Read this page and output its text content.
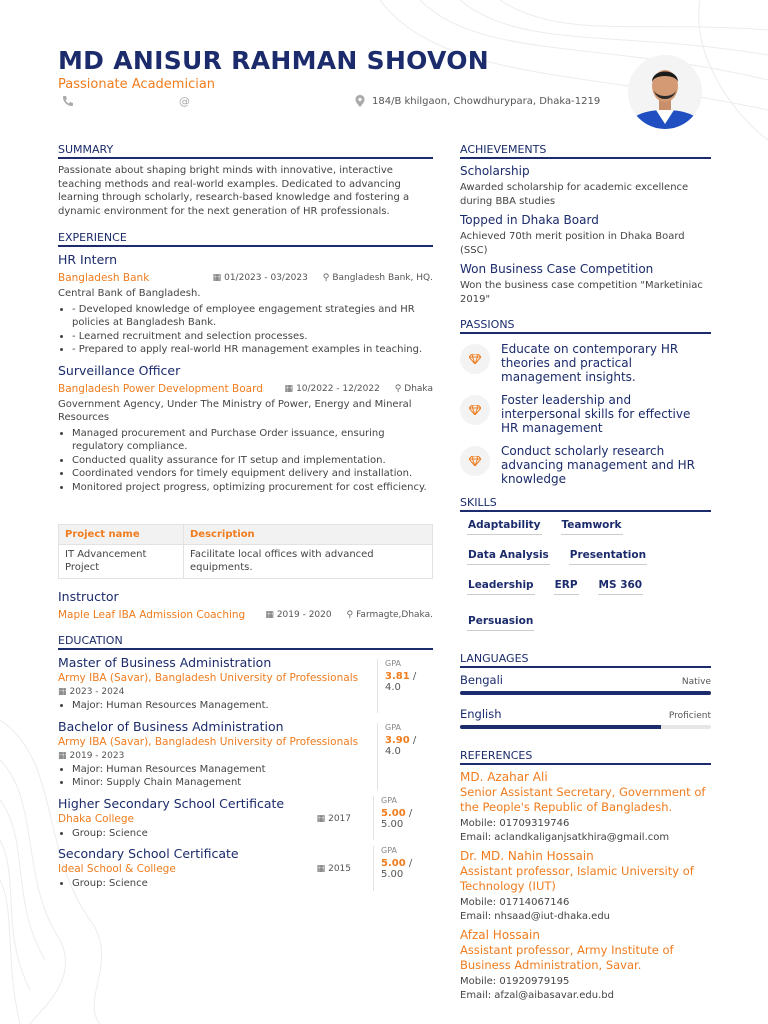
MD ANISUR RAHMAN SHOVON
Passionate Academician
@	184/B khilgaon, Chowdhurypara, Dhaka-1219
SUMMARY
Passionate about shaping bright minds with innovative, interactive teaching methods and real-world examples. Dedicated to advancing learning through scholarly, research-based knowledge and fostering a dynamic environment for the next generation of HR professionals.
EXPERIENCE
HR Intern
Bangladesh Bank	▦ 01/2023 - 03/2023 ⚲ Bangladesh Bank, HQ.
Central Bank of Bangladesh.
• - Developed knowledge of employee engagement strategies and HR policies at Bangladesh Bank.
• - Learned recruitment and selection processes.
• - Prepared to apply real-world HR management examples in teaching.
Surveillance Officer
Bangladesh Power Development Board ▦ 10/2022 - 12/2022 ⚲ Dhaka
Government Agency, Under The Ministry of Power, Energy and Mineral Resources
• Managed procurement and Purchase Order issuance, ensuring regulatory compliance.
• Conducted quality assurance for IT setup and implementation.
• Coordinated vendors for timely equipment delivery and installation.
• Monitored project progress, optimizing procurement for cost efficiency.
Project name	Description
IT Advancement Project	Facilitate local offices with advanced equipments.
Instructor
Maple Leaf IBA Admission Coaching ▦ 2019 - 2020 ⚲ Farmagte,Dhaka.
EDUCATION
Master of Business Administration
Army IBA (Savar), Bangladesh University of Professionals
▦ 2023 - 2024
• Major: Human Resources Management.
GPA
3.81 / 4.0
Bachelor of Business Administration
Army IBA (Savar), Bangladesh University of Professionals
▦ 2019 - 2023
• Major: Human Resources Management
• Minor: Supply Chain Management
GPA
3.90 / 4.0
Higher Secondary School Certificate
Dhaka College	▦ 2017
• Group: Science
GPA
5.00 / 5.00
Secondary School Certificate
Ideal School & College	▦ 2015
• Group: Science
GPA
5.00 / 5.00
ACHIEVEMENTS
Scholarship
Awarded scholarship for academic excellence during BBA studies
Topped in Dhaka Board
Achieved 70th merit position in Dhaka Board (SSC)
Won Business Case Competition
Won the business case competition "Marketiniac 2019"
PASSIONS
Educate on contemporary HR theories and practical management insights.
Foster leadership and interpersonal skills for effective HR management
Conduct scholarly research advancing management and HR knowledge
SKILLS
Adaptability Teamwork
Data Analysis Presentation
Leadership ERP MS 360
Persuasion
LANGUAGES
Bengali	Native
English	Proficient
REFERENCES
MD. Azahar Ali
Senior Assistant Secretary, Government of the People's Republic of Bangladesh.
Mobile: 01709319746
Email: aclandkaliganjsatkhira@gmail.com
Dr. MD. Nahin Hossain
Assistant professor, Islamic University of Technology (IUT)
Mobile: 01714067146
Email: nhsaad@iut-dhaka.edu
Afzal Hossain
Assistant professor, Army Institute of Business Administration, Savar.
Mobile: 01920979195
Email: afzal@aibasavar.edu.bd
